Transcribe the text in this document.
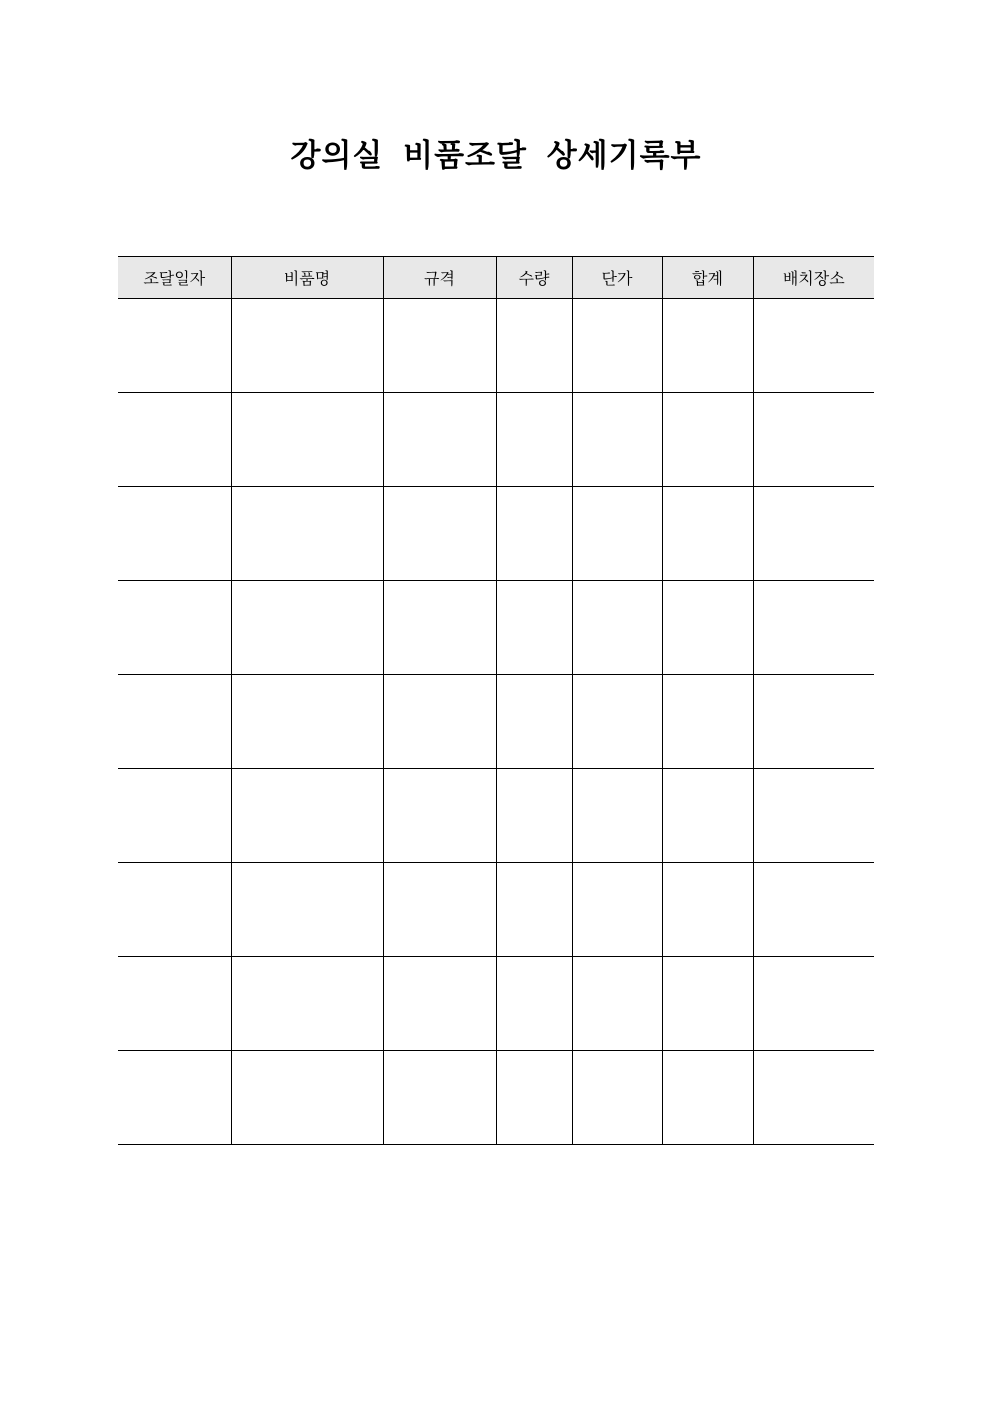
강의실 비품조달 상세기록부
조달일자	비품명	규격	수량	단가	합계	배치장소
